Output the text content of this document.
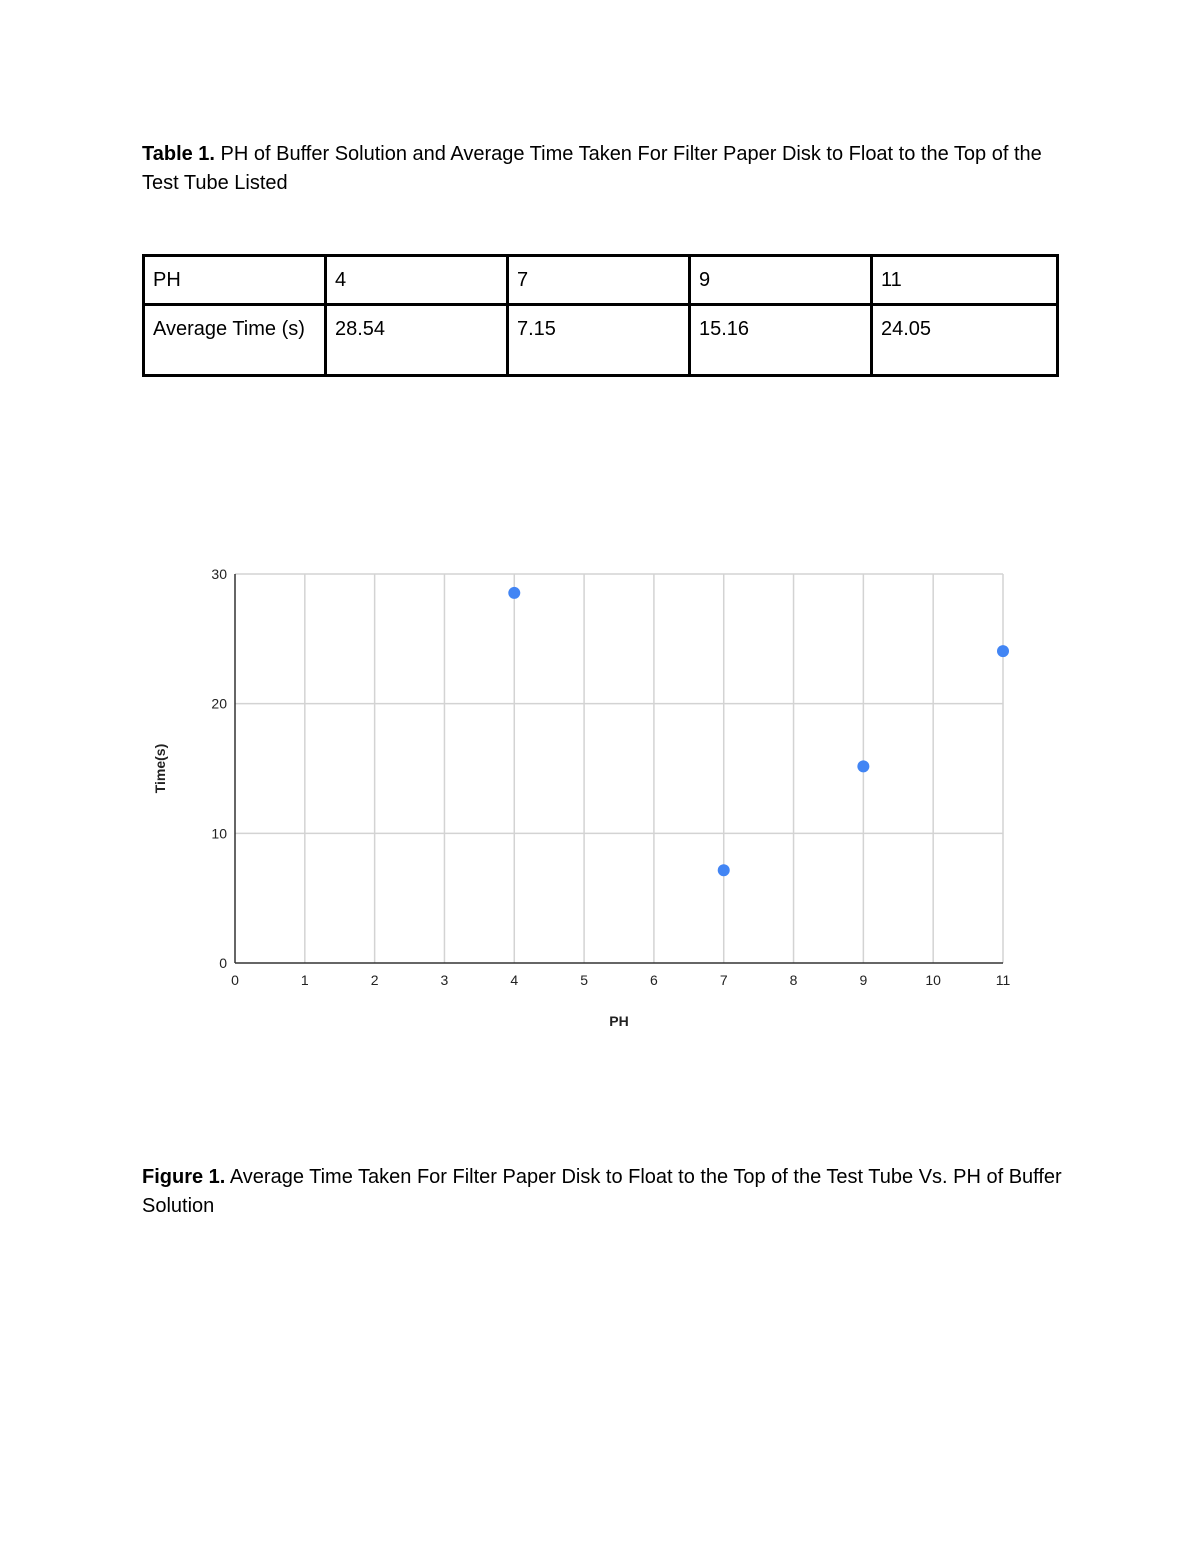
Table 1. PH of Buffer Solution and Average Time Taken For Filter Paper Disk to Float to the Top of the Test Tube Listed

PH	4	7	9	11
Average Time (s)	28.54	7.15	15.16	24.05
0	1	2	3	4	5	6	7	8	9	10	11
0
10
20
30
PH
Time(s)

Figure 1. Average Time Taken For Filter Paper Disk to Float to the Top of the Test Tube Vs. PH of Buffer Solution
